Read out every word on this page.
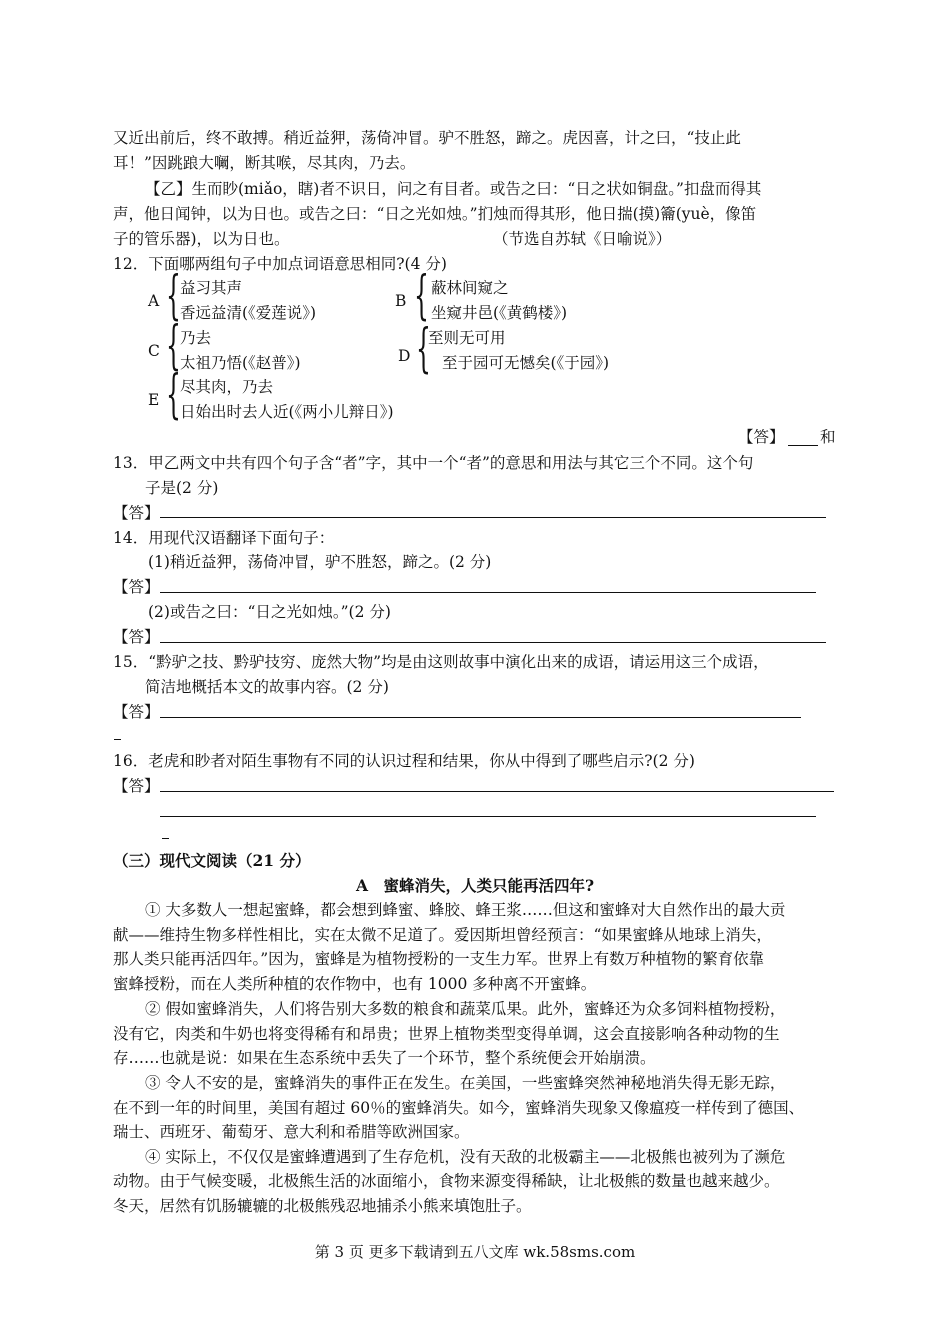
又近出前后，终不敢搏。稍近益狎，荡倚冲冒。驴不胜怒，蹄之。虎因喜，计之曰，“技止此
耳！”因跳踉大㘎，断其喉，尽其肉，乃去。
【乙】生而眇(miǎo，瞎)者不识日，问之有目者。或告之曰：“日之状如铜盘。”扣盘而得其
声，他日闻钟，以为日也。或告之曰：“日之光如烛。”扪烛而得其形，他日揣(摸)籥(yuè，像笛
子的管乐器)，以为日也。	（节选自苏轼《日喻说》）
12．下面哪两组句子中加点词语意思相同?(4 分)
A { 益习其声
香远益清(《爱莲说》)
B { 蔽林间窥之
坐窥井邑(《黄鹤楼》)
C { 乃去
太祖乃悟(《赵普》)	D {
至则无可用
至于园可无憾矣(《于园》)
E { 尽其肉，乃去
日始出时去人近(《两小儿辩日》)
【答】 和
13．甲乙两文中共有四个句子含“者”字，其中一个“者”的意思和用法与其它三个不同。这个句
子是(2 分)
【答】
14．用现代汉语翻译下面句子：
(1)稍近益狎，荡倚冲冒，驴不胜怒，蹄之。(2 分)
【答】
(2)或告之曰：“日之光如烛。”(2 分)
【答】
15．“黔驴之技、黔驴技穷、庞然大物”均是由这则故事中演化出来的成语，请运用这三个成语，
简洁地概括本文的故事内容。(2 分)
【答】
16．老虎和眇者对陌生事物有不同的认识过程和结果，你从中得到了哪些启示?(2 分)
【答】
（三）现代文阅读（21 分）
A　蜜蜂消失，人类只能再活四年?
① 大多数人一想起蜜蜂，都会想到蜂蜜、蜂胶、蜂王浆……但这和蜜蜂对大自然作出的最大贡
献——维持生物多样性相比，实在太微不足道了。爱因斯坦曾经预言：“如果蜜蜂从地球上消失，
那人类只能再活四年。”因为，蜜蜂是为植物授粉的一支生力军。世界上有数万种植物的繁育依靠
蜜蜂授粉，而在人类所种植的农作物中，也有 1000 多种离不开蜜蜂。
② 假如蜜蜂消失，人们将告别大多数的粮食和蔬菜瓜果。此外，蜜蜂还为众多饲料植物授粉，
没有它，肉类和牛奶也将变得稀有和昂贵；世界上植物类型变得单调，这会直接影响各种动物的生
存……也就是说：如果在生态系统中丢失了一个环节，整个系统便会开始崩溃。
③ 令人不安的是，蜜蜂消失的事件正在发生。在美国，一些蜜蜂突然神秘地消失得无影无踪，
在不到一年的时间里，美国有超过 60％的蜜蜂消失。如今，蜜蜂消失现象又像瘟疫一样传到了德国、
瑞士、西班牙、葡萄牙、意大利和希腊等欧洲国家。
④ 实际上，不仅仅是蜜蜂遭遇到了生存危机，没有天敌的北极霸主——北极熊也被列为了濒危
动物。由于气候变暖，北极熊生活的冰面缩小，食物来源变得稀缺，让北极熊的数量也越来越少。
冬天，居然有饥肠辘辘的北极熊残忍地捕杀小熊来填饱肚子。
第 3 页 更多下载请到五八文库 wk.58sms.com
